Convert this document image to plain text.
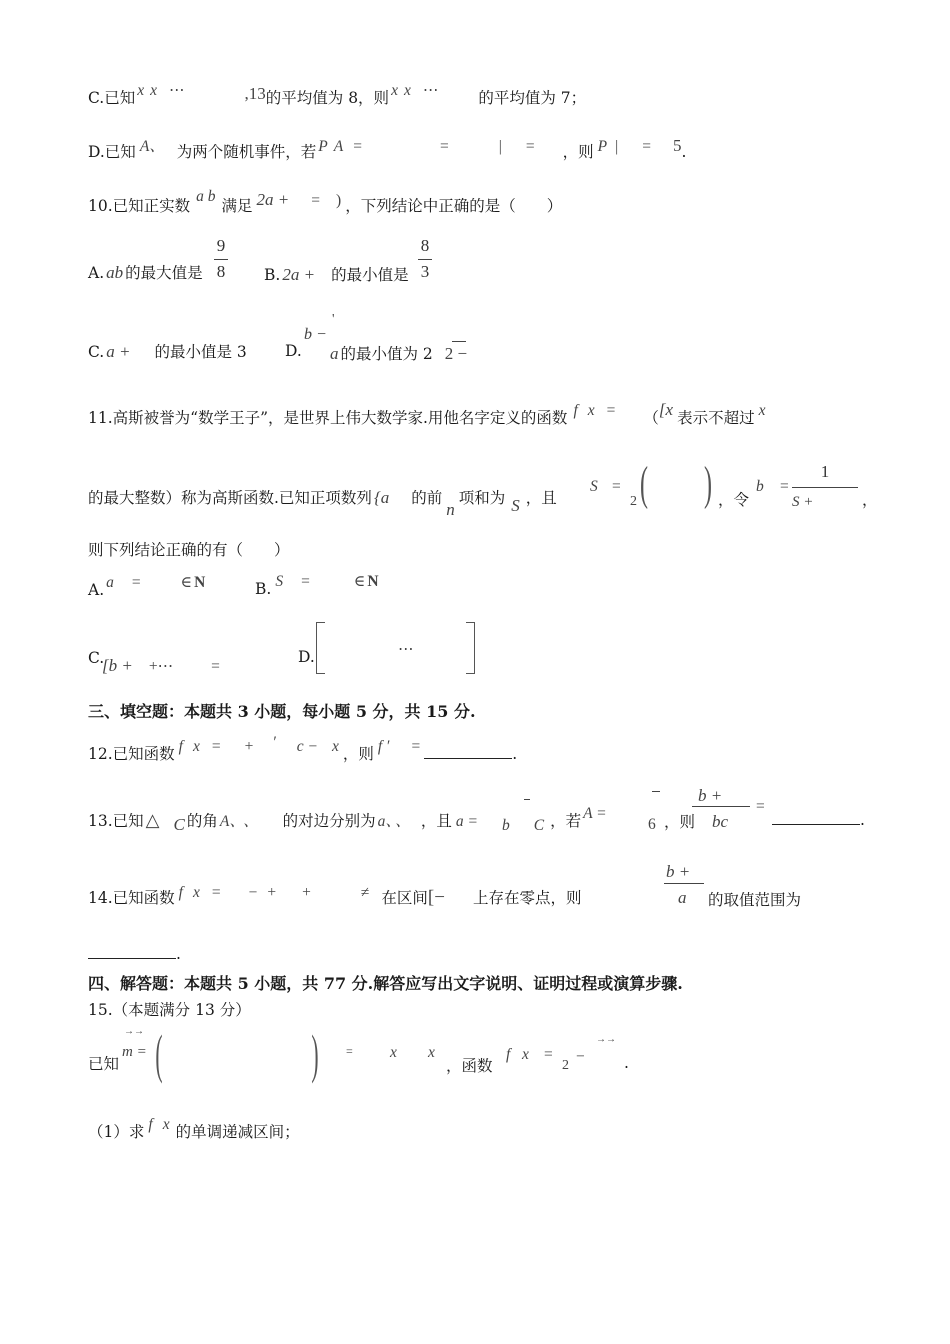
C.已知 x x ⋯	,13的平均值为 8，则 x x ⋯	的平均值为 7；
D.已知 A、 为两个随机事件，若 P A =	=	| = ，则 P | = 5.
10.已知正实数a b满足 2a + = ) ，下列结论中正确的是（　　）
A. ab 的最大值是
9
8	B. 2a + 的最小值是
8
3
C. a + 的最小值是 3 D.
b −
'
a 的最小值为 2 2 −
11.高斯被誉为“数学王子”，是世界上伟大数学家.用他名字定义的函数 f x = （[x 表示不超过 x
的最大整数）称为高斯函数.已知正项数列 {a 的前n项和为 S ，且
S =
2 ( ) ，令
b =
1
S +	，
则下列结论正确的有（　　）
A. a =	∈ N	B. S =	∈ N
C.
[b + +⋯ =
D.	⋯
三、填空题：本题共 3 小题，每小题 5 分，共 15 分.
12.已知函数 f x = + ′ c − x ，则 f ′ =	.
13.已知 △ C 的角 A、 、 的对边分别为 a、 、 ，且 a = b C ，若 A =
6 ，则
b +
bc
=
.
14.已知函数 f x = − + +	≠ 在区间[− 上存在零点，则
b +
a 的取值范围为
.
四、解答题：本题共 5 小题，共 77 分.解答应写出文字说明、证明过程或演算步骤.
15.（本题满分 13 分）
已知
m =
→→ (	) = x x
，函数
f x =
2
−
→→
.
（1）求 f x 的单调递减区间；
